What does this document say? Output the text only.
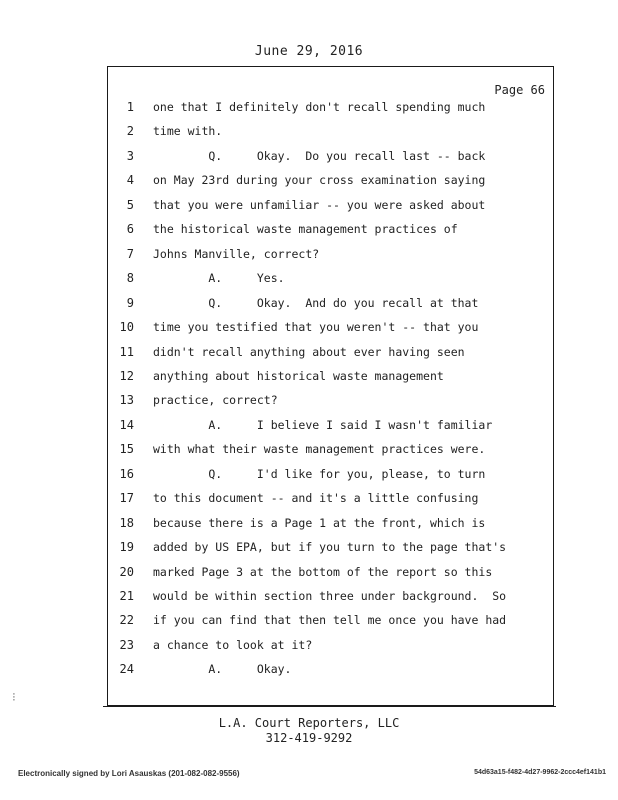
June 29, 2016
Page 66
⁝
1 one that I definitely don't recall spending much
2 time with.
3 Q.     Okay.  Do you recall last -- back
4 on May 23rd during your cross examination saying
5 that you were unfamiliar -- you were asked about
6 the historical waste management practices of
7 Johns Manville, correct?
8 A.     Yes.
9 Q.     Okay.  And do you recall at that
10 time you testified that you weren't -- that you
11 didn't recall anything about ever having seen
12 anything about historical waste management
13 practice, correct?
14 A.     I believe I said I wasn't familiar
15 with what their waste management practices were.
16 Q.     I'd like for you, please, to turn
17 to this document -- and it's a little confusing
18 because there is a Page 1 at the front, which is
19 added by US EPA, but if you turn to the page that's
20 marked Page 3 at the bottom of the report so this
21 would be within section three under background.  So
22 if you can find that then tell me once you have had
23 a chance to look at it?
24 A.     Okay.
L.A. Court Reporters, LLC
312-419-9292
Electronically signed by Lori Asauskas (201-082-082-9556)	54d63a15-f482-4d27-9962-2ccc4ef141b1
